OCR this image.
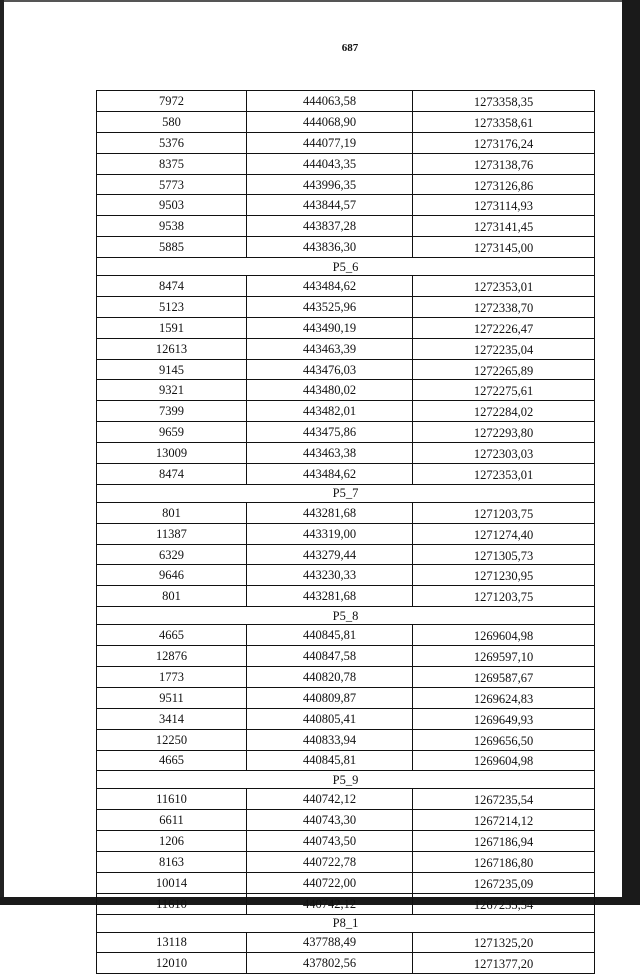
687
7972	444063,58	1273358,35
580	444068,90	1273358,61
5376	444077,19	1273176,24
8375	444043,35	1273138,76
5773	443996,35	1273126,86
9503	443844,57	1273114,93
9538	443837,28	1273141,45
5885	443836,30	1273145,00
P5_6		
8474	443484,62	1272353,01
5123	443525,96	1272338,70
1591	443490,19	1272226,47
12613	443463,39	1272235,04
9145	443476,03	1272265,89
9321	443480,02	1272275,61
7399	443482,01	1272284,02
9659	443475,86	1272293,80
13009	443463,38	1272303,03
8474	443484,62	1272353,01
P5_7		
801	443281,68	1271203,75
11387	443319,00	1271274,40
6329	443279,44	1271305,73
9646	443230,33	1271230,95
801	443281,68	1271203,75
P5_8		
4665	440845,81	1269604,98
12876	440847,58	1269597,10
1773	440820,78	1269587,67
9511	440809,87	1269624,83
3414	440805,41	1269649,93
12250	440833,94	1269656,50
4665	440845,81	1269604,98
P5_9		
11610	440742,12	1267235,54
6611	440743,30	1267214,12
1206	440743,50	1267186,94
8163	440722,78	1267186,80
10014	440722,00	1267235,09
11610	440742,12	1267235,54
P8_1		
13118	437788,49	1271325,20
12010	437802,56	1271377,20
